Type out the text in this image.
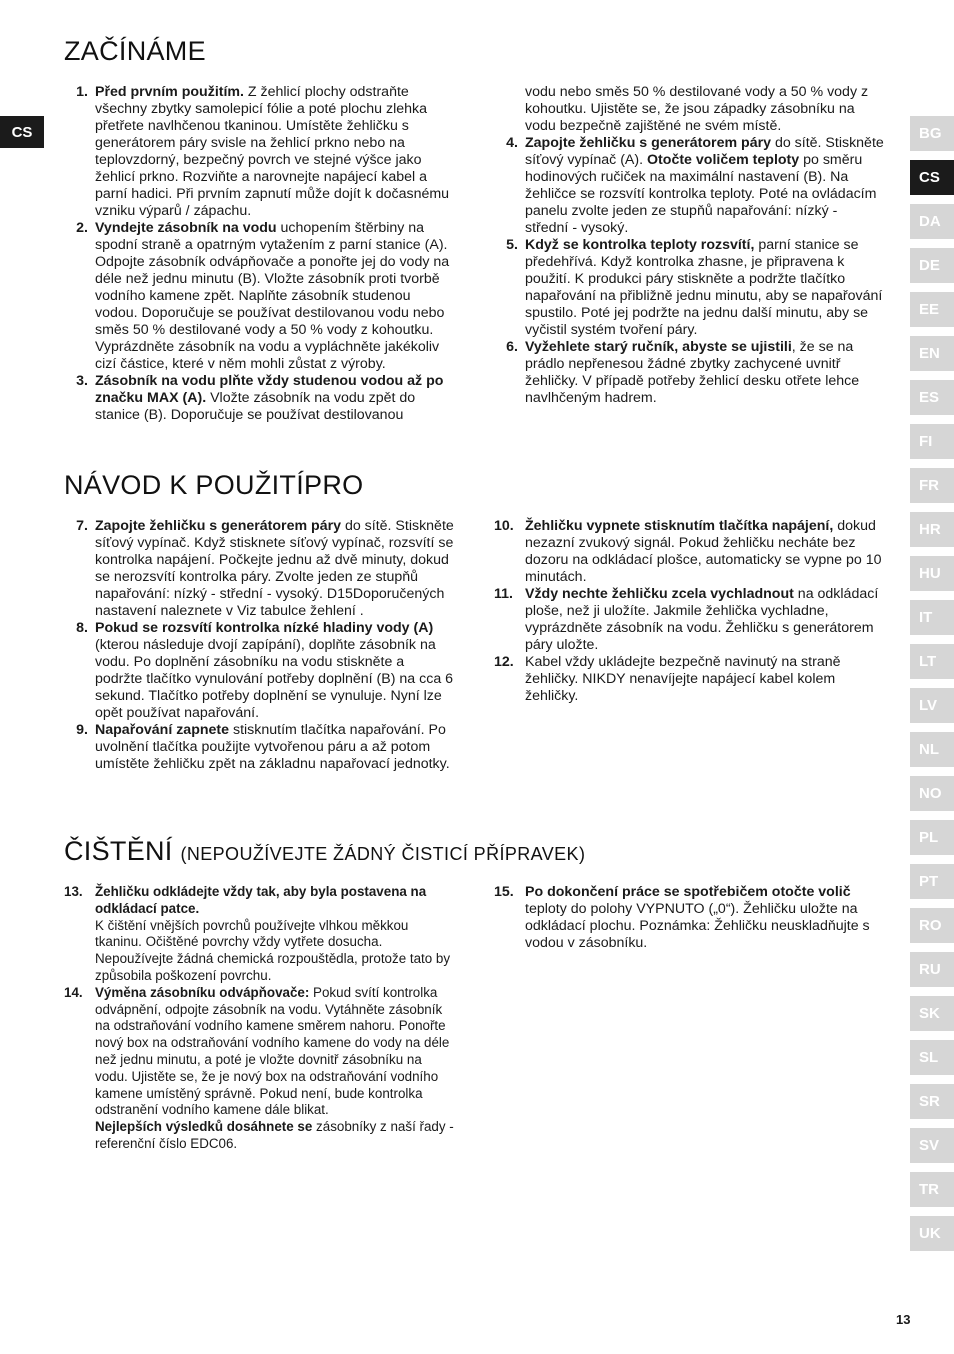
CS
ZAČÍNÁME
1. Před prvním použitím. Z žehlicí plochy odstraňte všechny zbytky samolepicí fólie a poté plochu zlehka přetřete navlhčenou tkaninou. Umístěte žehličku s generátorem páry svisle na žehlicí prkno nebo na teplovzdorný, bezpečný povrch ve stejné výšce jako žehlicí prkno. Rozviňte a narovnejte napájecí kabel a parní hadici. Při prvním zapnutí může dojít k dočasnému vzniku výparů / zápachu.
2. Vyndejte zásobník na vodu uchopením štěrbiny na spodní straně a opatrným vytažením z parní stanice (A). Odpojte zásobník odvápňovače a ponořte jej do vody na déle než jednu minutu (B). Vložte zásobník proti tvorbě vodního kamene zpět. Naplňte zásobník studenou vodou. Doporučuje se používat destilovanou vodu nebo směs 50 % destilované vody a 50 % vody z kohoutku. Vyprázdněte zásobník na vodu a vypláchněte jakékoliv cizí částice, které v něm mohli zůstat z výroby.
3. Zásobník na vodu plňte vždy studenou vodou až po značku MAX (A). Vložte zásobník na vodu zpět do stanice (B). Doporučuje se používat destilovanou
vodu nebo směs 50 % destilované vody a 50 % vody z kohoutku. Ujistěte se, že jsou západky zásobníku na vodu bezpečně zajištěné ne svém místě.
4. Zapojte žehličku s generátorem páry do sítě. Stiskněte síťový vypínač (A). Otočte voličem teploty po směru hodinových ručiček na maximální nastavení (B). Na žehličce se rozsvítí kontrolka teploty. Poté na ovládacím panelu zvolte jeden ze stupňů napařování: nízký - střední - vysoký.
5. Když se kontrolka teploty rozsvítí, parní stanice se předehřívá. Když kontrolka zhasne, je připravena k použití. K produkci páry stiskněte a podržte tlačítko napařování na přibližně jednu minutu, aby se napařování spustilo. Poté jej podržte na jednu další minutu, aby se vyčistil systém tvoření páry.
6. Vyžehlete starý ručník, abyste se ujistili, že se na prádlo nepřenesou žádné zbytky zachycené uvnitř žehličky. V případě potřeby žehlicí desku otřete lehce navlhčeným hadrem.
NÁVOD K POUŽITÍPRO
7. Zapojte žehličku s generátorem páry do sítě. Stiskněte síťový vypínač. Když stisknete síťový vypínač, rozsvítí se kontrolka napájení. Počkejte jednu až dvě minuty, dokud se nerozsvítí kontrolka páry. Zvolte jeden ze stupňů napařování: nízký - střední - vysoký. D15Doporučených nastavení naleznete v Viz tabulce žehlení .
8. Pokud se rozsvítí kontrolka nízké hladiny vody (A) (kterou následuje dvojí zapípání), doplňte zásobník na vodu. Po doplnění zásobníku na vodu stiskněte a podržte tlačítko vynulování potřeby doplnění (B) na cca 6 sekund. Tlačítko potřeby doplnění se vynuluje. Nyní lze opět používat napařování.
9. Napařování zapnete stisknutím tlačítka napařování. Po uvolnění tlačítka použijte vytvořenou páru a až potom umístěte žehličku zpět na základnu napařovací jednotky.
10. Žehličku vypnete stisknutím tlačítka napájení, dokud nezazní zvukový signál. Pokud žehličku necháte bez dozoru na odkládací plošce, automaticky se vypne po 10 minutách.
11. Vždy nechte žehličku zcela vychladnout na odkládací ploše, než ji uložíte. Jakmile žehlička vychladne, vyprázdněte zásobník na vodu. Žehličku s generátorem páry uložte.
12. Kabel vždy ukládejte bezpečně navinutý na straně žehličky. NIKDY nenavíjejte napájecí kabel kolem žehličky.
ČIŠTĚNÍ (NEPOUŽÍVEJTE ŽÁDNÝ ČISTICÍ PŘÍPRAVEK)
13. Žehličku odkládejte vždy tak, aby byla postavena na odkládací patce.
K čištění vnějších povrchů používejte vlhkou měkkou tkaninu. Očištěné povrchy vždy vytřete dosucha. Nepoužívejte žádná chemická rozpouštědla, protože tato by způsobila poškození povrchu.
14. Výměna zásobníku odvápňovače: Pokud svítí kontrolka odvápnění, odpojte zásobník na vodu. Vytáhněte zásobník na odstraňování vodního kamene směrem nahoru. Ponořte nový box na odstraňování vodního kamene do vody na déle než jednu minutu, a poté je vložte dovnitř zásobníku na vodu. Ujistěte se, že je nový box na odstraňování vodního kamene umístěný správně. Pokud není, bude kontrolka odstranění vodního kamene dále blikat.
Nejlepších výsledků dosáhnete se zásobníky z naší řady - referenční číslo EDC06.
15. Po dokončení práce se spotřebičem otočte volič teploty do polohy VYPNUTO („0“). Žehličku uložte na odkládací plochu. Poznámka: Žehličku neuskladňujte s vodou v zásobníku.
BG
CS
DA
DE
EE
EN
ES
FI
FR
HR
HU
IT
LT
LV
NL
NO
PL
PT
RO
RU
SK
SL
SR
SV
TR
UK
13
